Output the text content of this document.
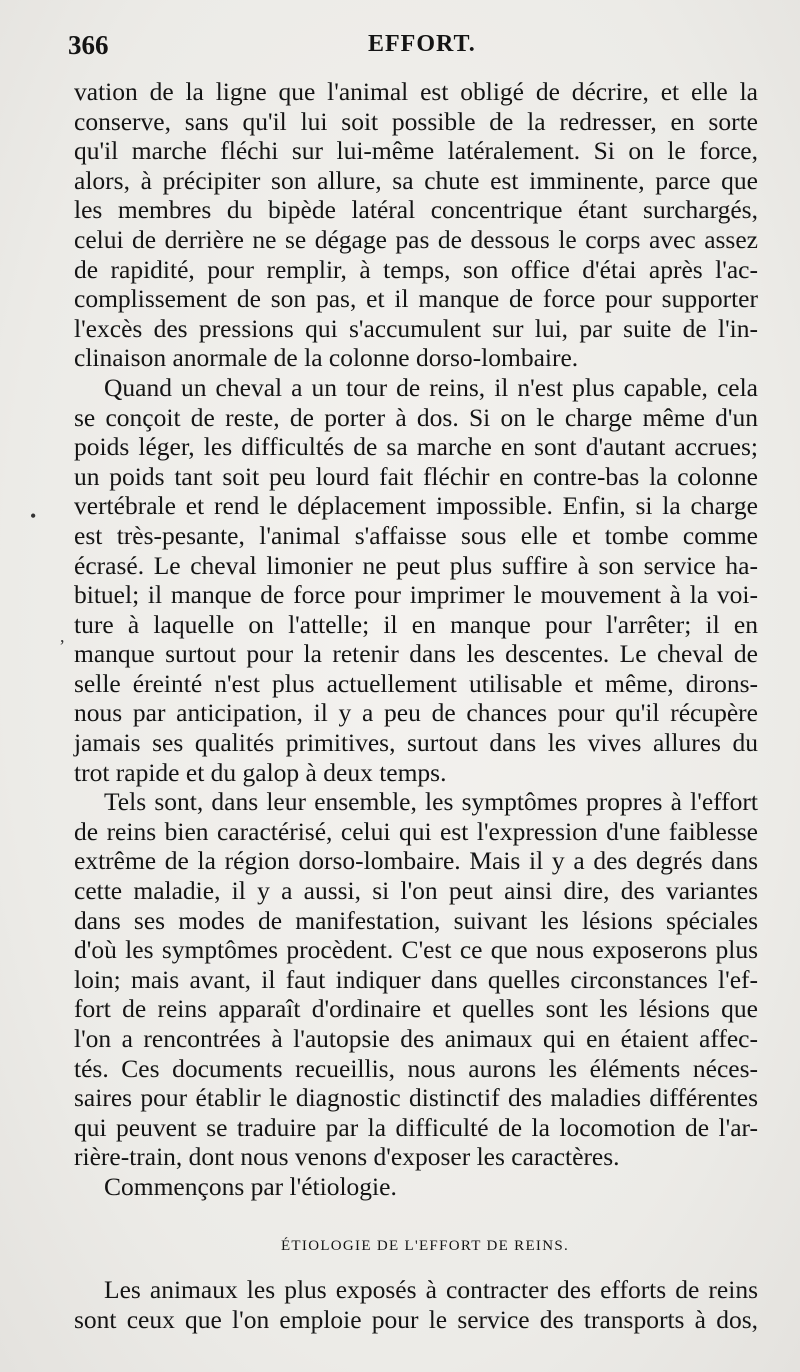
366	EFFORT.
vation de la ligne que l'animal est obligé de décrire, et elle la
conserve, sans qu'il lui soit possible de la redresser, en sorte
qu'il marche fléchi sur lui-même latéralement. Si on le force,
alors, à précipiter son allure, sa chute est imminente, parce que
les membres du bipède latéral concentrique étant surchargés,
celui de derrière ne se dégage pas de dessous le corps avec assez
de rapidité, pour remplir, à temps, son office d'étai après l'ac-
complissement de son pas, et il manque de force pour supporter
l'excès des pressions qui s'accumulent sur lui, par suite de l'in-
clinaison anormale de la colonne dorso-lombaire.
Quand un cheval a un tour de reins, il n'est plus capable, cela
se conçoit de reste, de porter à dos. Si on le charge même d'un
poids léger, les difficultés de sa marche en sont d'autant accrues;
un poids tant soit peu lourd fait fléchir en contre-bas la colonne
vertébrale et rend le déplacement impossible. Enfin, si la charge
est très-pesante, l'animal s'affaisse sous elle et tombe comme
écrasé. Le cheval limonier ne peut plus suffire à son service ha-
bituel; il manque de force pour imprimer le mouvement à la voi-
ture à laquelle on l'attelle; il en manque pour l'arrêter; il en
manque surtout pour la retenir dans les descentes. Le cheval de
selle éreinté n'est plus actuellement utilisable et même, dirons-
nous par anticipation, il y a peu de chances pour qu'il récupère
jamais ses qualités primitives, surtout dans les vives allures du
trot rapide et du galop à deux temps.
Tels sont, dans leur ensemble, les symptômes propres à l'effort
de reins bien caractérisé, celui qui est l'expression d'une faiblesse
extrême de la région dorso-lombaire. Mais il y a des degrés dans
cette maladie, il y a aussi, si l'on peut ainsi dire, des variantes
dans ses modes de manifestation, suivant les lésions spéciales
d'où les symptômes procèdent. C'est ce que nous exposerons plus
loin; mais avant, il faut indiquer dans quelles circonstances l'ef-
fort de reins apparaît d'ordinaire et quelles sont les lésions que
l'on a rencontrées à l'autopsie des animaux qui en étaient affec-
tés. Ces documents recueillis, nous aurons les éléments néces-
saires pour établir le diagnostic distinctif des maladies différentes
qui peuvent se traduire par la difficulté de la locomotion de l'ar-
rière-train, dont nous venons d'exposer les caractères.
Commençons par l'étiologie.
ÉTIOLOGIE DE L'EFFORT DE REINS.
Les animaux les plus exposés à contracter des efforts de reins
sont ceux que l'on emploie pour le service des transports à dos,
•
,
